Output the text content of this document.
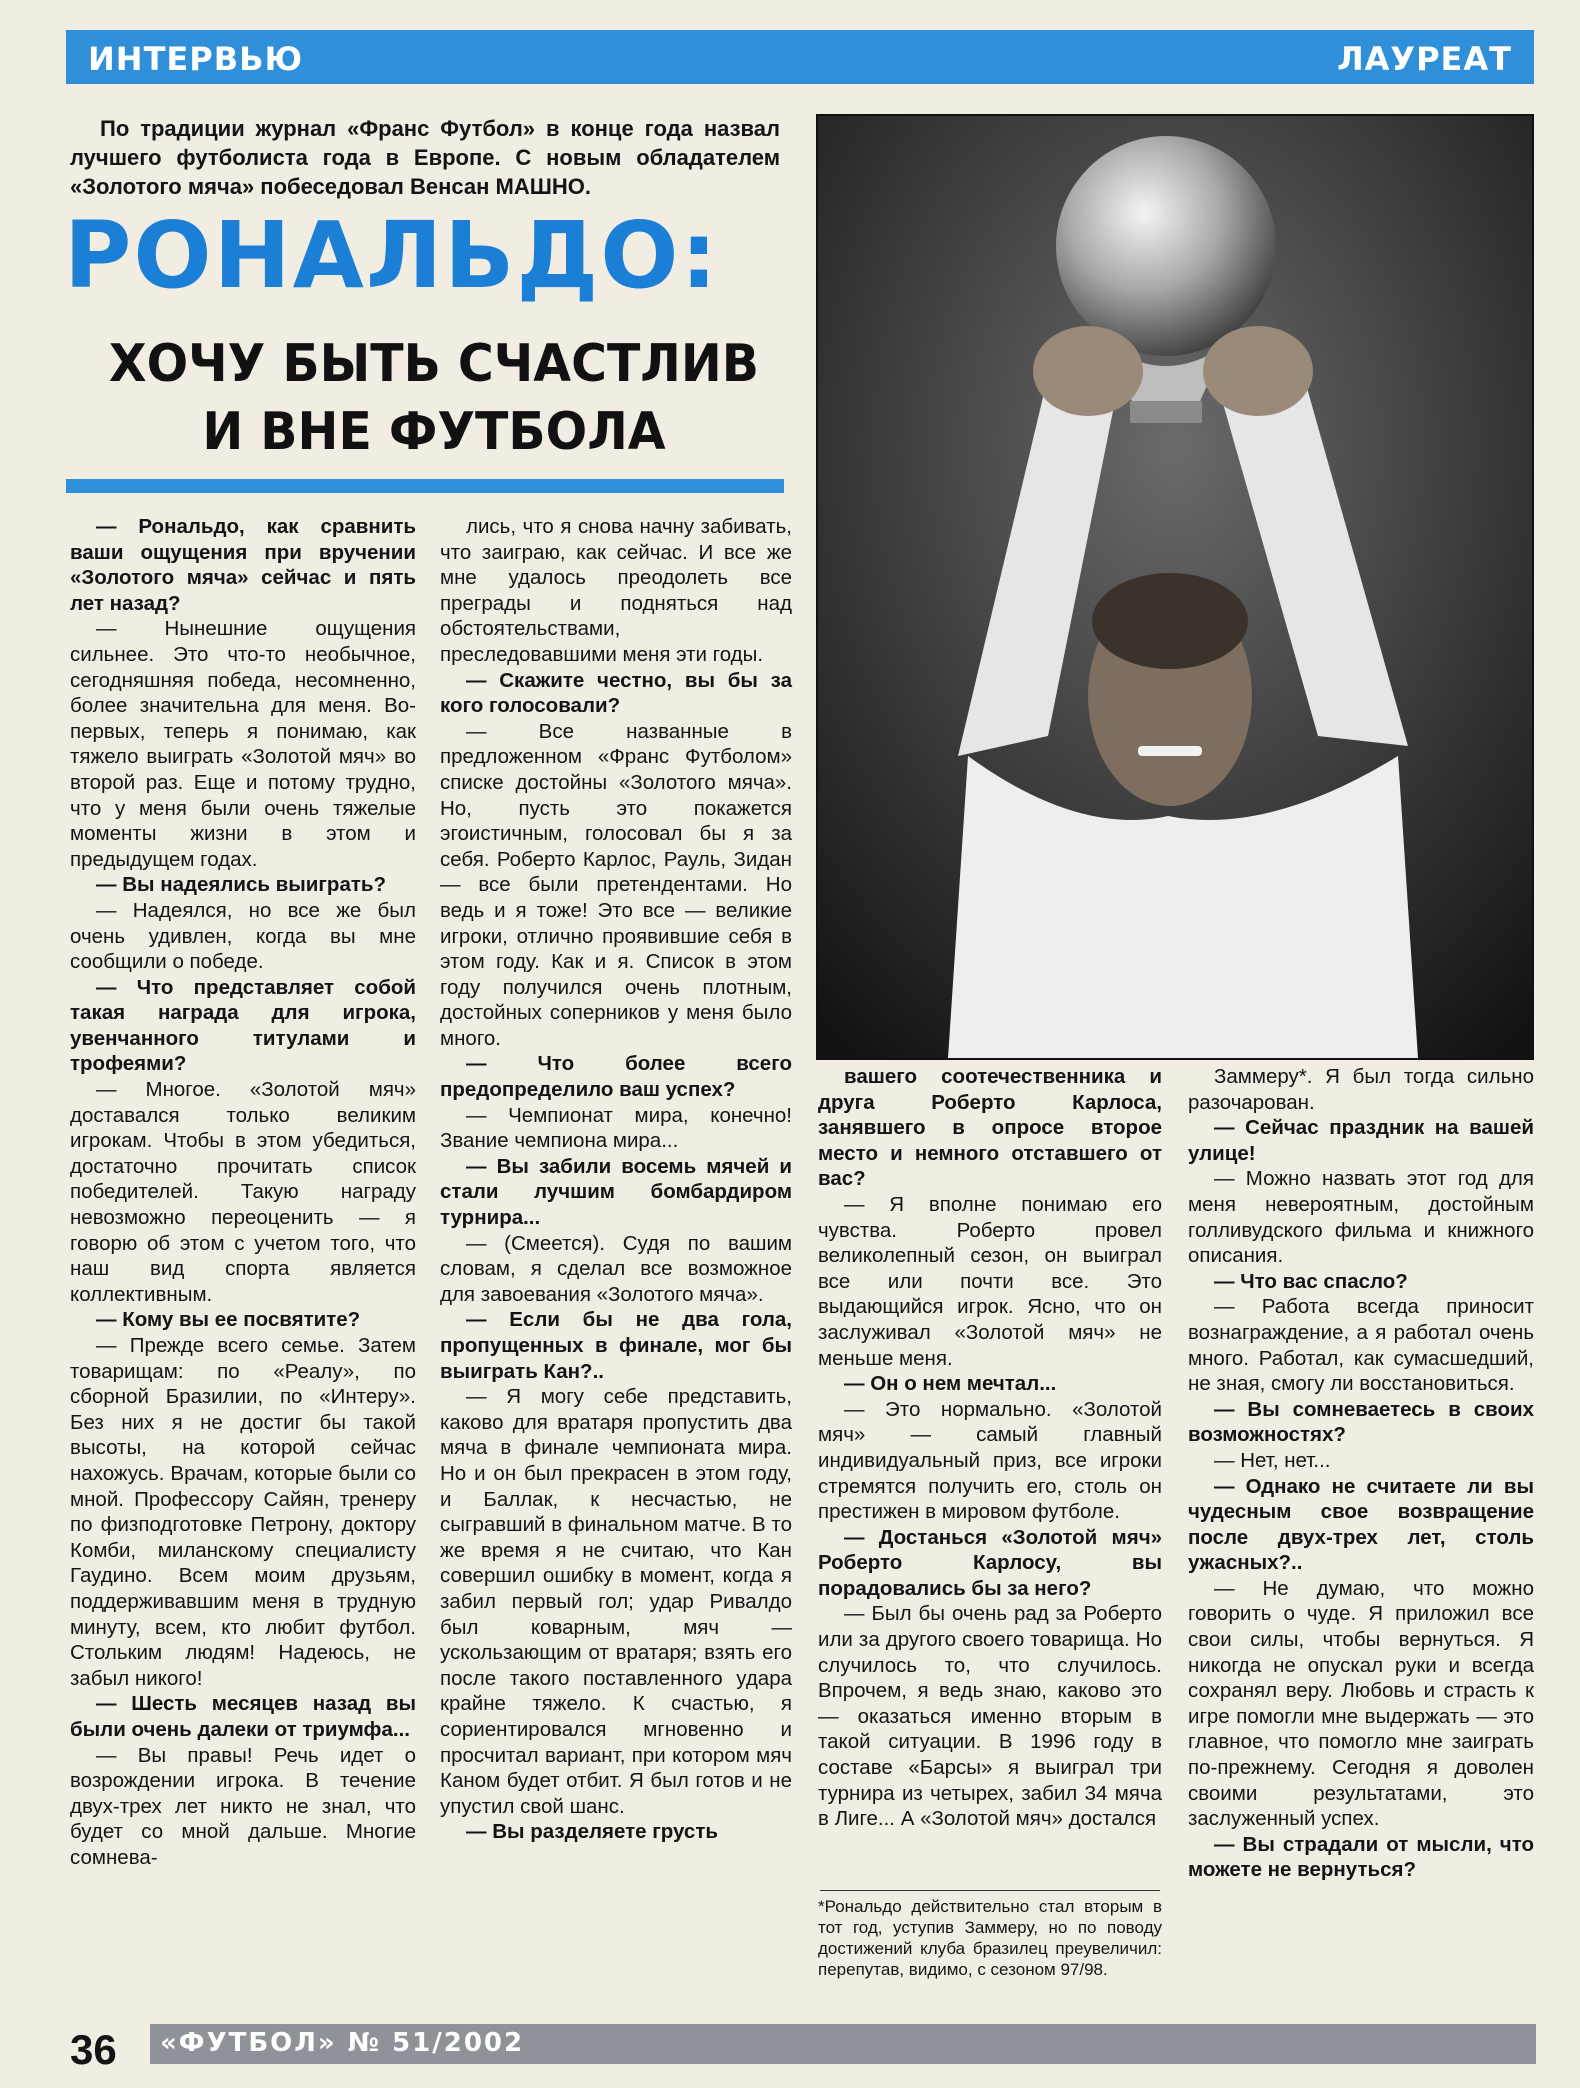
ИНТЕРВЬЮ	ЛАУРЕАТ
По традиции журнал «Франс Футбол» в конце года назвал лучшего футболиста года в Европе. С новым обладателем «Золотого мяча» побеседовал Венсан МАШНО.
РОНАЛЬДО:
ХОЧУ БЫТЬ СЧАСТЛИВ
И ВНЕ ФУТБОЛА

— Рональдо, как сравнить ваши ощущения при вручении «Золотого мяча» сейчас и пять лет назад?

— Нынешние ощущения сильнее. Это что-то необычное, сегодняшняя победа, несомненно, более значительна для меня. Во-первых, теперь я понимаю, как тяжело выиграть «Золотой мяч» во второй раз. Еще и потому трудно, что у меня были очень тяжелые моменты жизни в этом и предыдущем годах.

— Вы надеялись выиграть?

— Надеялся, но все же был очень удивлен, когда вы мне сообщили о победе.

— Что представляет собой такая награда для игрока, увенчанного титулами и трофеями?

— Многое. «Золотой мяч» доставался только великим игрокам. Чтобы в этом убедиться, достаточно прочитать список победителей. Такую награду невозможно переоценить — я говорю об этом с учетом того, что наш вид спорта является коллективным.

— Кому вы ее посвятите?

— Прежде всего семье. Затем товарищам: по «Реалу», по сборной Бразилии, по «Интеру». Без них я не достиг бы такой высоты, на которой сейчас нахожусь. Врачам, которые были со мной. Профессору Сайян, тренеру по физподготовке Петрону, доктору Комби, миланскому специалисту Гаудино. Всем моим друзьям, поддерживавшим меня в трудную минуту, всем, кто любит футбол. Стольким людям! Надеюсь, не забыл никого!

— Шесть месяцев назад вы были очень далеки от триумфа...

— Вы правы! Речь идет о возрождении игрока. В течение двух-трех лет никто не знал, что будет со мной дальше. Многие сомнева-

лись, что я снова начну забивать, что заиграю, как сейчас. И все же мне удалось преодолеть все преграды и подняться над обстоятельствами, преследовавшими меня эти годы.

— Скажите честно, вы бы за кого голосовали?

— Все названные в предложенном «Франс Футболом» списке достойны «Золотого мяча». Но, пусть это покажется эгоистичным, голосовал бы я за себя. Роберто Карлос, Рауль, Зидан — все были претендентами. Но ведь и я тоже! Это все — великие игроки, отлично проявившие себя в этом году. Как и я. Список в этом году получился очень плотным, достойных соперников у меня было много.

— Что более всего предопределило ваш успех?

— Чемпионат мира, конечно! Звание чемпиона мира...

— Вы забили восемь мячей и стали лучшим бомбардиром турнира...

— (Смеется). Судя по вашим словам, я сделал все возможное для завоевания «Золотого мяча».

— Если бы не два гола, пропущенных в финале, мог бы выиграть Кан?..

— Я могу себе представить, каково для вратаря пропустить два мяча в финале чемпионата мира. Но и он был прекрасен в этом году, и Баллак, к несчастью, не сыгравший в финальном матче. В то же время я не считаю, что Кан совершил ошибку в момент, когда я забил первый гол; удар Ривалдо был коварным, мяч — ускользающим от вратаря; взять его после такого поставленного удара крайне тяжело. К счастью, я сориентировался мгновенно и просчитал вариант, при котором мяч Каном будет отбит. Я был готов и не упустил свой шанс.

— Вы разделяете грусть

вашего соотечественника и друга Роберто Карлоса, занявшего в опросе второе место и немного отставшего от вас?

— Я вполне понимаю его чувства. Роберто провел великолепный сезон, он выиграл все или почти все. Это выдающийся игрок. Ясно, что он заслуживал «Золотой мяч» не меньше меня.

— Он о нем мечтал...

— Это нормально. «Золотой мяч» — самый главный индивидуальный приз, все игроки стремятся получить его, столь он престижен в мировом футболе.

— Достанься «Золотой мяч» Роберто Карлосу, вы порадовались бы за него?

— Был бы очень рад за Роберто или за другого своего товарища. Но случилось то, что случилось. Впрочем, я ведь знаю, каково это — оказаться именно вторым в такой ситуации. В 1996 году в составе «Барсы» я выиграл три турнира из четырех, забил 34 мяча в Лиге... А «Золотой мяч» достался

Заммеру*. Я был тогда сильно разочарован.

— Сейчас праздник на вашей улице!

— Можно назвать этот год для меня невероятным, достойным голливудского фильма и книжного описания.

— Что вас спасло?

— Работа всегда приносит вознаграждение, а я работал очень много. Работал, как сумасшедший, не зная, смогу ли восстановиться.

— Вы сомневаетесь в своих возможностях?

— Нет, нет...

— Однако не считаете ли вы чудесным свое возвращение после двух-трех лет, столь ужасных?..

— Не думаю, что можно говорить о чуде. Я приложил все свои силы, чтобы вернуться. Я никогда не опускал руки и всегда сохранял веру. Любовь и страсть к игре помогли мне выдержать — это главное, что помогло мне заиграть по-прежнему. Сегодня я доволен своими результатами, это заслуженный успех.

— Вы страдали от мысли, что можете не вернуться?

*Рональдо действительно стал вторым в тот год, уступив Заммеру, но по поводу достижений клуба бразилец преувеличил: перепутав, видимо, с сезоном 97/98.
36 «ФУТБОЛ» № 51/2002
